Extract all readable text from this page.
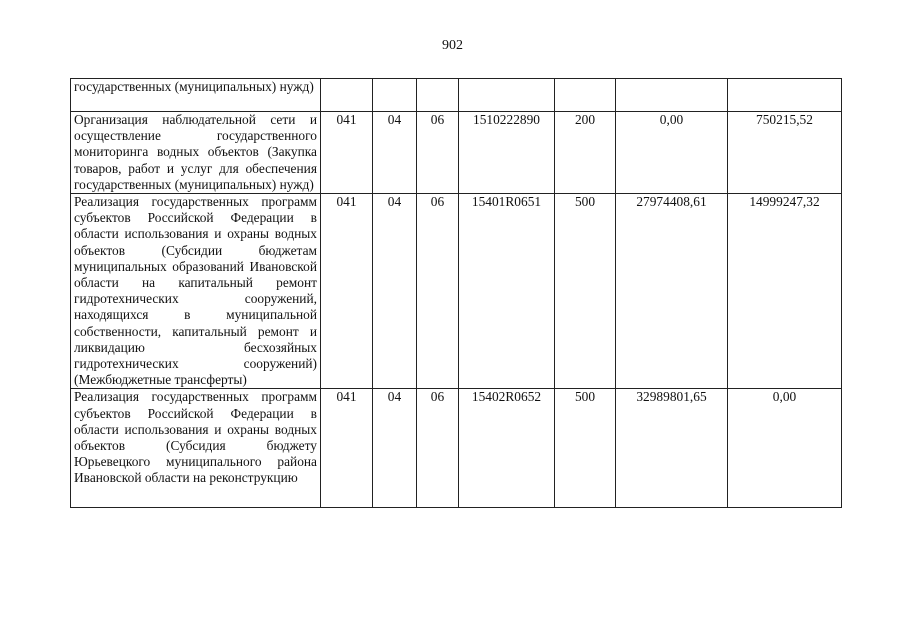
902
государственных (муниципальных) нужд)							
Организация наблюдательной сети и осуществление государственного мониторинга водных объектов (Закупка товаров, работ и услуг для обеспечения государственных (муниципальных) нужд)	041	04	06	1510222890	200	0,00	750215,52
Реализация государственных программ субъектов Российской Федерации в области использования и охраны водных объектов (Субсидии бюджетам муниципальных образований Ивановской области на капитальный ремонт гидротехнических сооружений, находящихся в муниципальной собственности, капитальный ремонт и ликвидацию бесхозяйных гидротехнических сооружений) (Межбюджетные трансферты)	041	04	06	15401R0651	500	27974408,61	14999247,32
Реализация государственных программ субъектов Российской Федерации в области использования и охраны водных объектов (Субсидия бюджету Юрьевецкого муниципального района Ивановской области на реконструкцию	041	04	06	15402R0652	500	32989801,65	0,00
